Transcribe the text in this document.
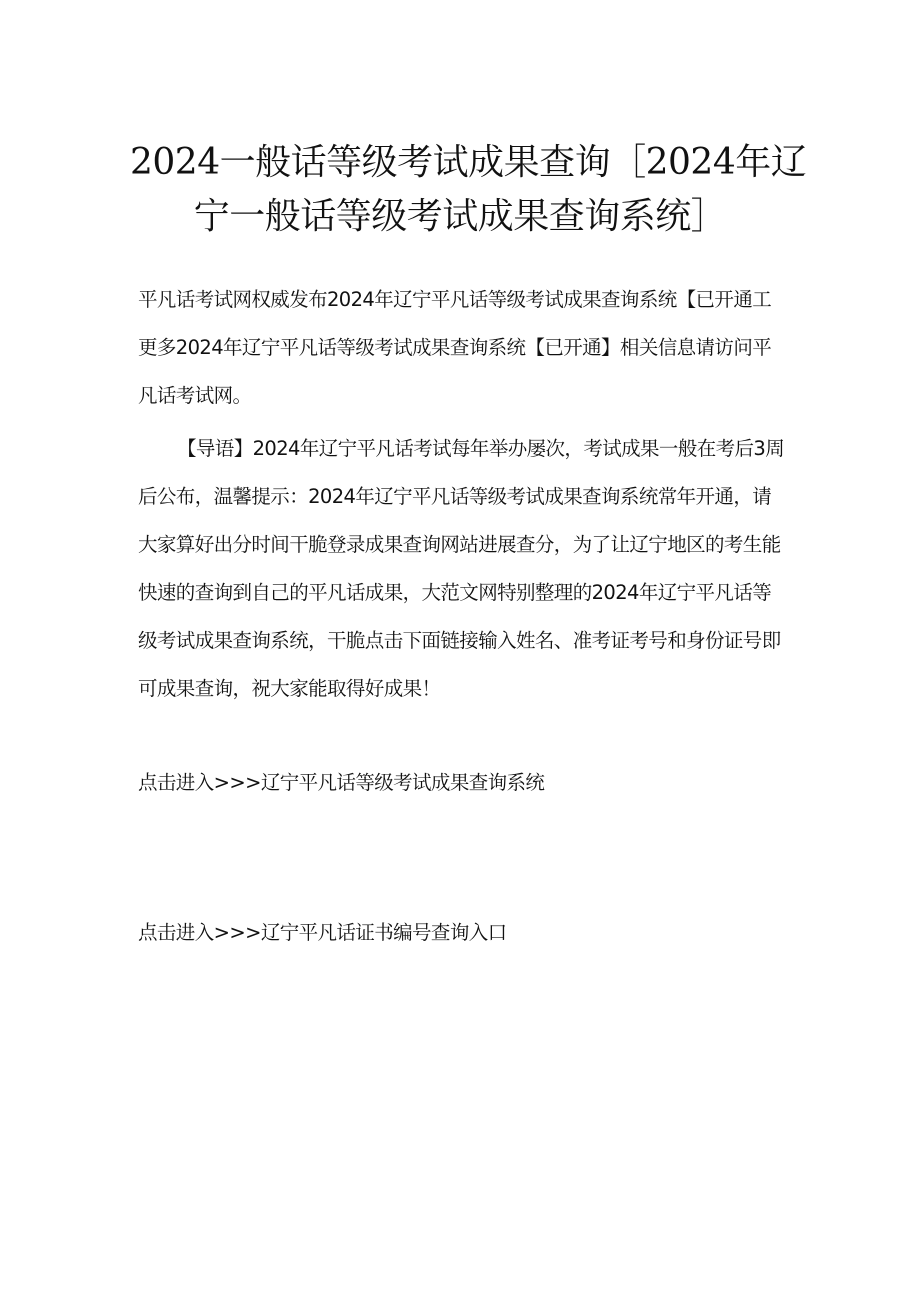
2024一般话等级考试成果查询［2024年辽
宁一般话等级考试成果查询系统］

平凡话考试网权威发布2024年辽宁平凡话等级考试成果查询系统【已开通工更多2024年辽宁平凡话等级考试成果查询系统【已开通】相关信息请访问平凡话考试网。

【导语】2024年辽宁平凡话考试每年举办屡次，考试成果一般在考后3周后公布，温馨提示：2024年辽宁平凡话等级考试成果查询系统常年开通，请大家算好出分时间干脆登录成果查询网站进展查分，为了让辽宁地区的考生能快速的查询到自己的平凡话成果，大范文网特别整理的2024年辽宁平凡话等级考试成果查询系统，干脆点击下面链接输入姓名、准考证考号和身份证号即可成果查询，祝大家能取得好成果！

点击进入>>>辽宁平凡话等级考试成果查询系统
点击进入>>>辽宁平凡话证书编号查询入口
